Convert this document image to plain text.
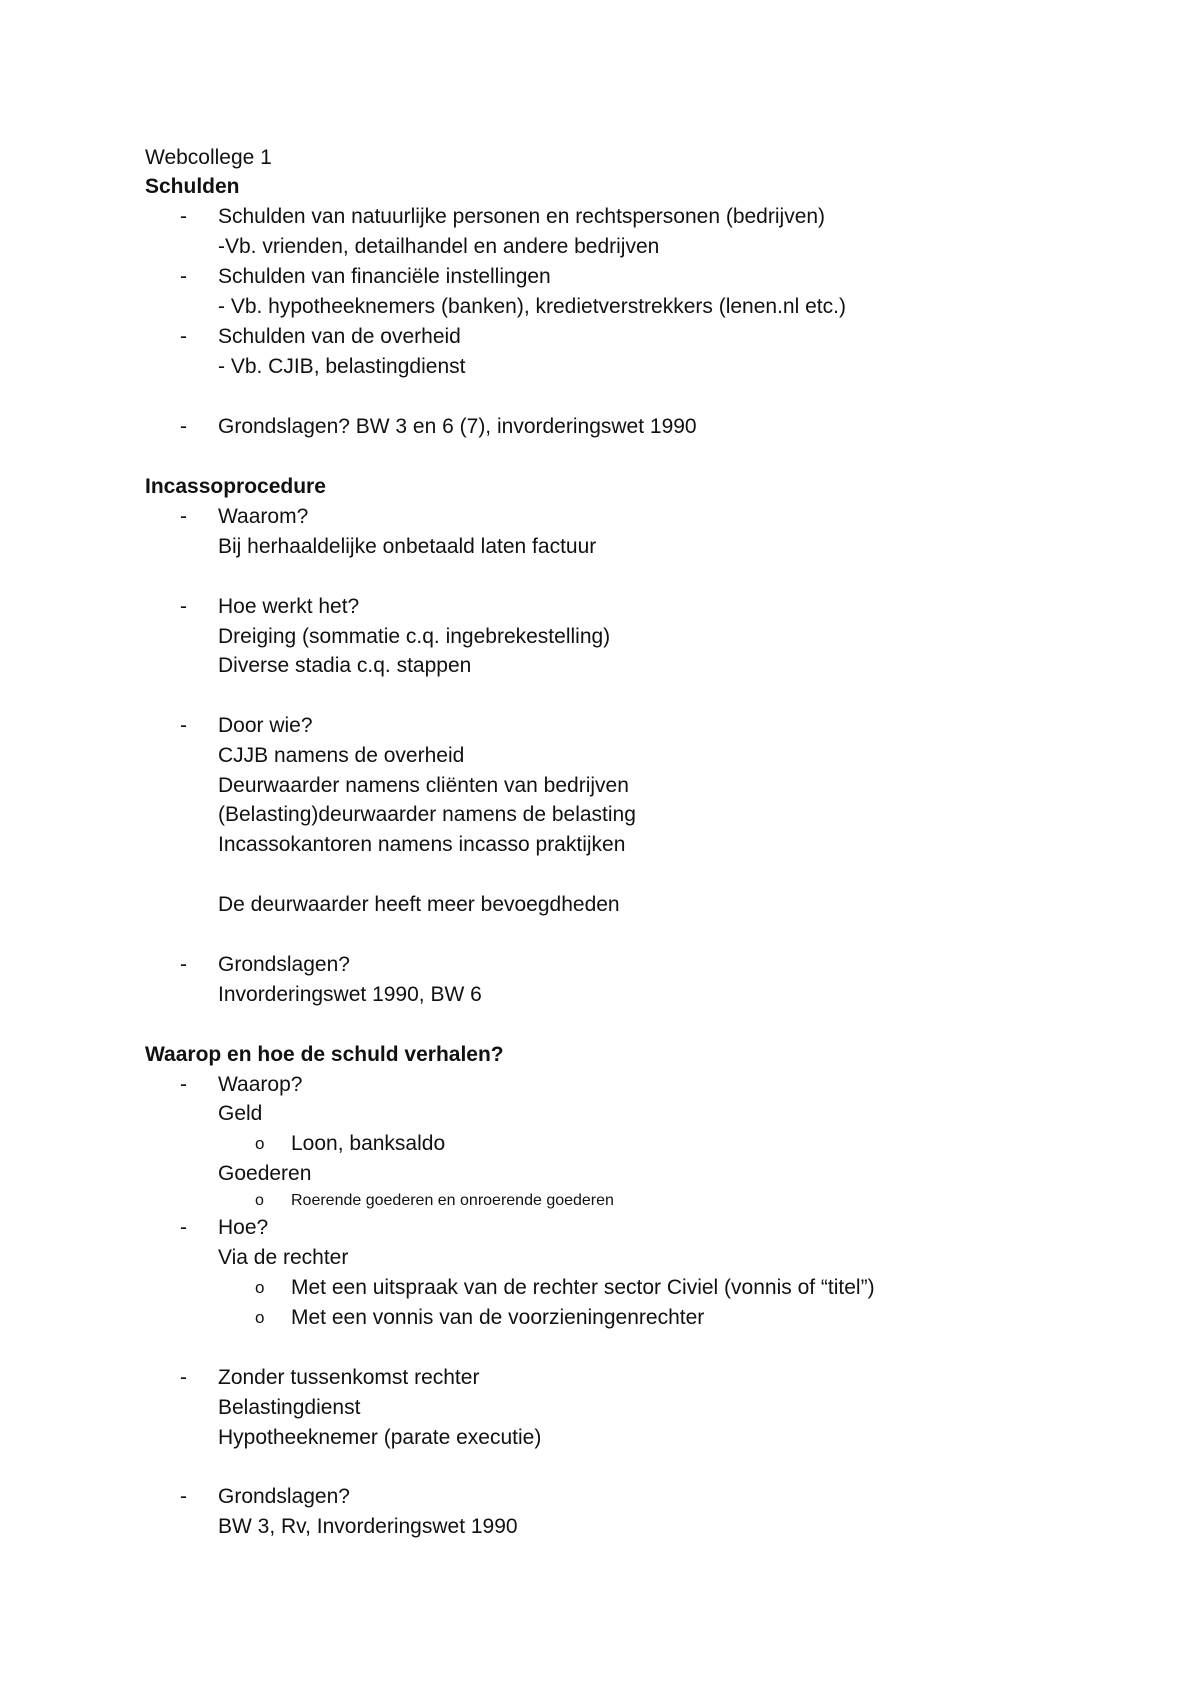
Webcollege 1
Schulden
- Schulden van natuurlijke personen en rechtspersonen (bedrijven)
-Vb. vrienden, detailhandel en andere bedrijven
- Schulden van financiële instellingen
- Vb. hypotheeknemers (banken), kredietverstrekkers (lenen.nl etc.)
- Schulden van de overheid
- Vb. CJIB, belastingdienst
- Grondslagen? BW 3 en 6 (7), invorderingswet 1990
Incassoprocedure
- Waarom?
Bij herhaaldelijke onbetaald laten factuur
- Hoe werkt het?
Dreiging (sommatie c.q. ingebrekestelling)
Diverse stadia c.q. stappen
- Door wie?
CJJB namens de overheid
Deurwaarder namens cliënten van bedrijven
(Belasting)deurwaarder namens de belasting
Incassokantoren namens incasso praktijken
De deurwaarder heeft meer bevoegdheden
- Grondslagen?
Invorderingswet 1990, BW 6
Waarop en hoe de schuld verhalen?
- Waarop?
Geld
o Loon, banksaldo
Goederen
o Roerende goederen en onroerende goederen
- Hoe?
Via de rechter
o Met een uitspraak van de rechter sector Civiel (vonnis of “titel”)
o Met een vonnis van de voorzieningenrechter
- Zonder tussenkomst rechter
Belastingdienst
Hypotheeknemer (parate executie)
- Grondslagen?
BW 3, Rv, Invorderingswet 1990
